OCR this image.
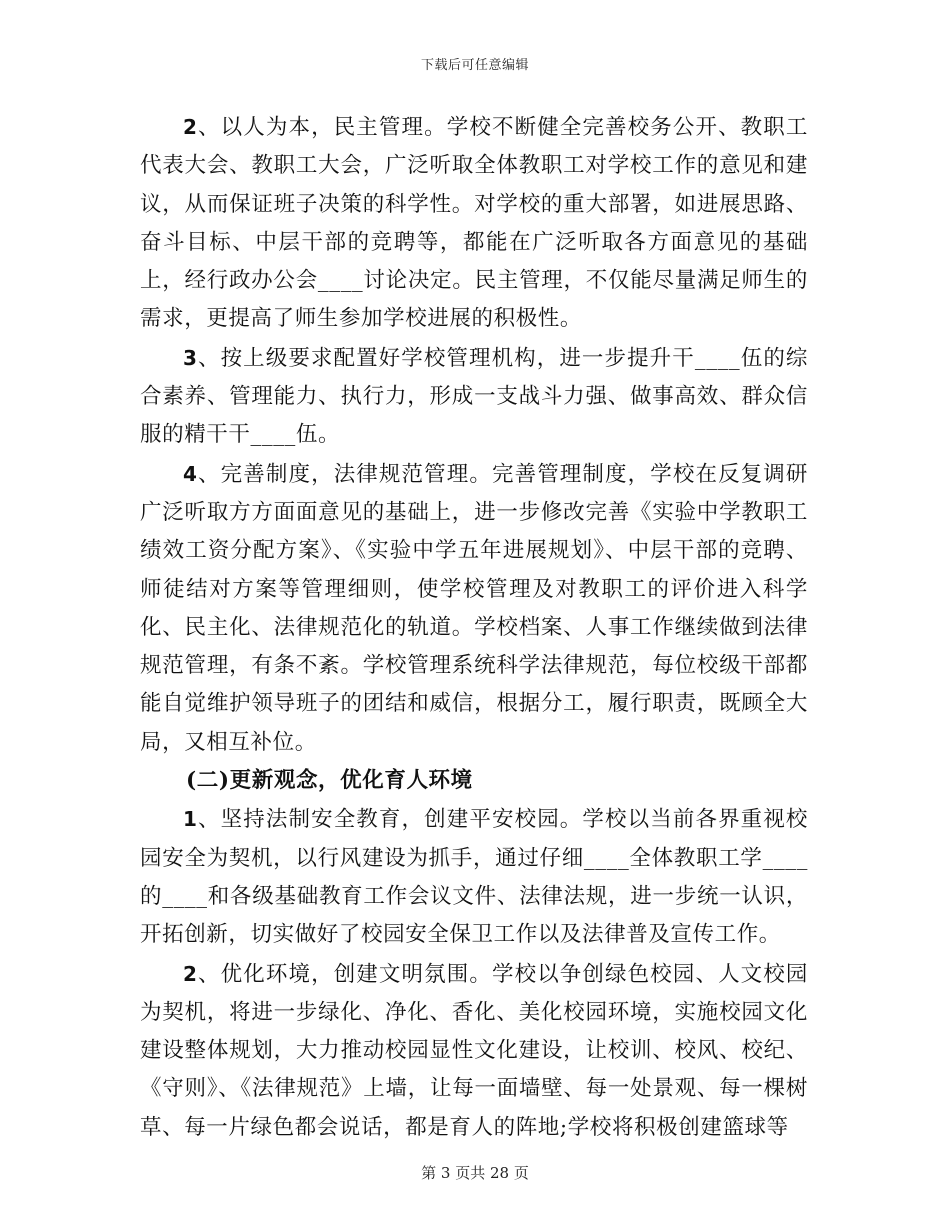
下载后可任意编辑

2、以人为本，民主管理。学校不断健全完善校务公开、教职工代表大会、教职工大会，广泛听取全体教职工对学校工作的意见和建议，从而保证班子决策的科学性。对学校的重大部署，如进展思路、奋斗目标、中层干部的竞聘等，都能在广泛听取各方面意见的基础上，经行政办公会____讨论决定。民主管理，不仅能尽量满足师生的需求，更提高了师生参加学校进展的积极性。

3、按上级要求配置好学校管理机构，进一步提升干____伍的综合素养、管理能力、执行力，形成一支战斗力强、做事高效、群众信服的精干干____伍。

4、完善制度，法律规范管理。完善管理制度，学校在反复调研广泛听取方方面面意见的基础上，进一步修改完善《实验中学教职工绩效工资分配方案》、《实验中学五年进展规划》、中层干部的竞聘、师徒结对方案等管理细则，使学校管理及对教职工的评价进入科学化、民主化、法律规范化的轨道。学校档案、人事工作继续做到法律规范管理，有条不紊。学校管理系统科学法律规范，每位校级干部都能自觉维护领导班子的团结和威信，根据分工，履行职责，既顾全大局，又相互补位。

(二)更新观念，优化育人环境

1、坚持法制安全教育，创建平安校园。学校以当前各界重视校园安全为契机，以行风建设为抓手，通过仔细____全体教职工学____的____和各级基础教育工作会议文件、法律法规，进一步统一认识，开拓创新，切实做好了校园安全保卫工作以及法律普及宣传工作。

2、优化环境，创建文明氛围。学校以争创绿色校园、人文校园为契机，将进一步绿化、净化、香化、美化校园环境，实施校园文化建设整体规划，大力推动校园显性文化建设，让校训、校风、校纪、《守则》、《法律规范》上墙，让每一面墙壁、每一处景观、每一棵树草、每一片绿色都会说话，都是育人的阵地;学校将积极创建篮球等

第 3 页共 28 页
